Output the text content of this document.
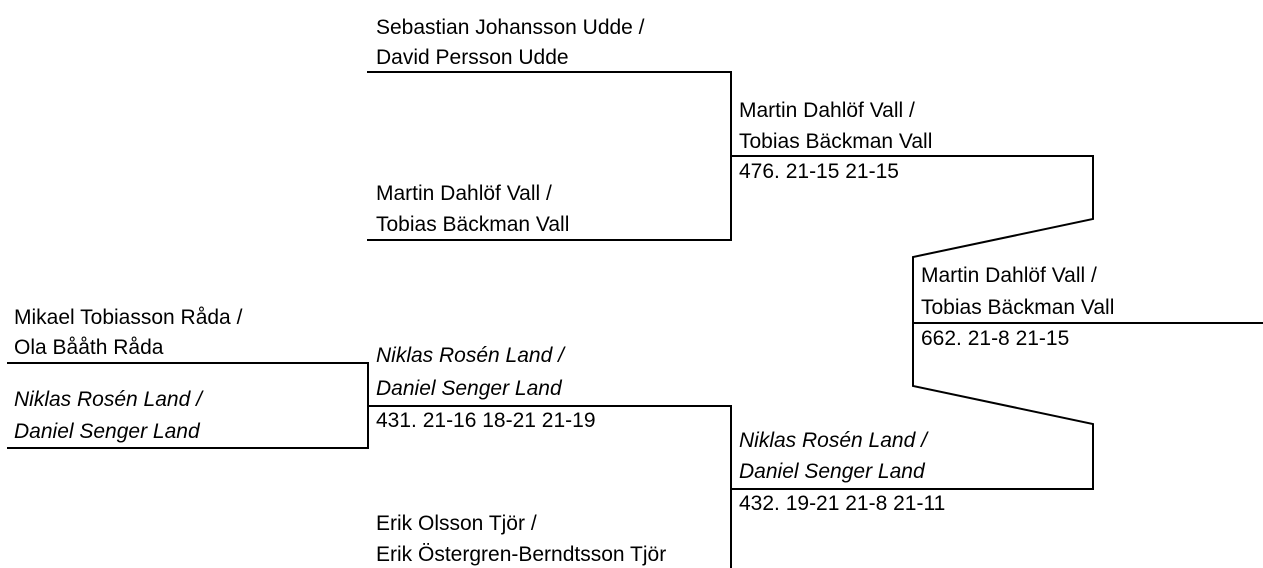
Mikael Tobiasson Råda /
Ola Bååth Råda
Niklas Rosén Land /
Daniel Senger Land
Sebastian Johansson Udde /
David Persson Udde
Martin Dahlöf Vall /
Tobias Bäckman Vall
Niklas Rosén Land /
Daniel Senger Land
431. 21-16 18-21 21-19
Erik Olsson Tjör /
Erik Östergren-Berndtsson Tjör
Martin Dahlöf Vall /
Tobias Bäckman Vall
476. 21-15 21-15
Niklas Rosén Land /
Daniel Senger Land
432. 19-21 21-8 21-11
Martin Dahlöf Vall /
Tobias Bäckman Vall
662. 21-8 21-15
